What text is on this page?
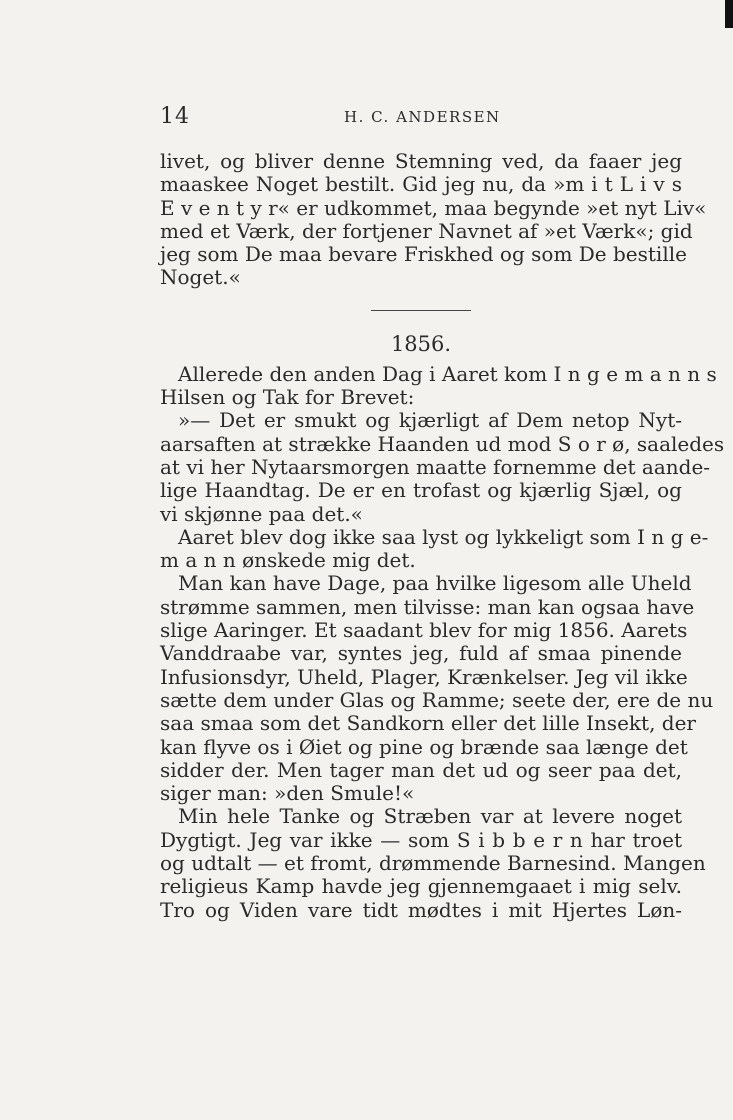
14	H. C. ANDERSEN
livet, og bliver denne Stemning ved, da faaer jeg
maaskee Noget bestilt. Gid jeg nu, da »m i t L i v s
E v e n t y r« er udkommet, maa begynde »et nyt Liv«
med et Værk, der fortjener Navnet af »et Værk«; gid
jeg som De maa bevare Friskhed og som De bestille
Noget.«
1856.
Allerede den anden Dag i Aaret kom I n g e m a n n s
Hilsen og Tak for Brevet:
»— Det er smukt og kjærligt af Dem netop Nyt-
aarsaften at strække Haanden ud mod S o r ø, saaledes
at vi her Nytaarsmorgen maatte fornemme det aande-
lige Haandtag. De er en trofast og kjærlig Sjæl, og
vi skjønne paa det.«
Aaret blev dog ikke saa lyst og lykkeligt som I n g e-
m a n n ønskede mig det.
Man kan have Dage, paa hvilke ligesom alle Uheld
strømme sammen, men tilvisse: man kan ogsaa have
slige Aaringer. Et saadant blev for mig 1856. Aarets
Vanddraabe var, syntes jeg, fuld af smaa pinende
Infusionsdyr, Uheld, Plager, Krænkelser. Jeg vil ikke
sætte dem under Glas og Ramme; seete der, ere de nu
saa smaa som det Sandkorn eller det lille Insekt, der
kan flyve os i Øiet og pine og brænde saa længe det
sidder der. Men tager man det ud og seer paa det,
siger man: »den Smule!«
Min hele Tanke og Stræben var at levere noget
Dygtigt. Jeg var ikke — som S i b b e r n har troet
og udtalt — et fromt, drømmende Barnesind. Mangen
religieus Kamp havde jeg gjennemgaaet i mig selv.
Tro og Viden vare tidt mødtes i mit Hjertes Løn-
